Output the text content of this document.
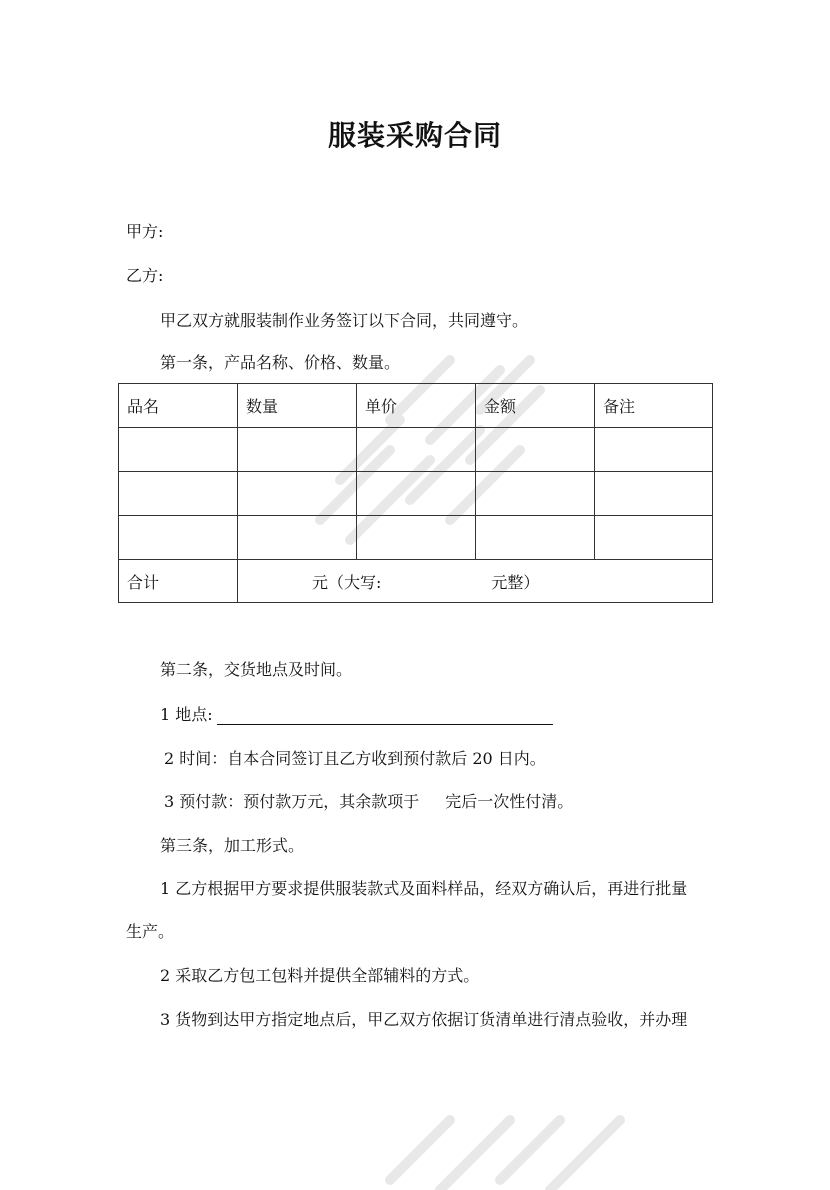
服装采购合同
甲方:
乙方:
甲乙双方就服装制作业务签订以下合同，共同遵守。
第一条，产品名称、价格、数量。
品名	数量	单价	金额	备注

合计	元（大写: 元整）			
第二条，交货地点及时间。
1 地点:
2 时间：自本合同签订且乙方收到预付款后 20 日内。
3 预付款：预付款万元，其余款项于 完后一次性付清。
第三条，加工形式。
1 乙方根据甲方要求提供服装款式及面料样品，经双方确认后，再进行批量
生产。
2 采取乙方包工包料并提供全部辅料的方式。
3 货物到达甲方指定地点后，甲乙双方依据订货清单进行清点验收，并办理
